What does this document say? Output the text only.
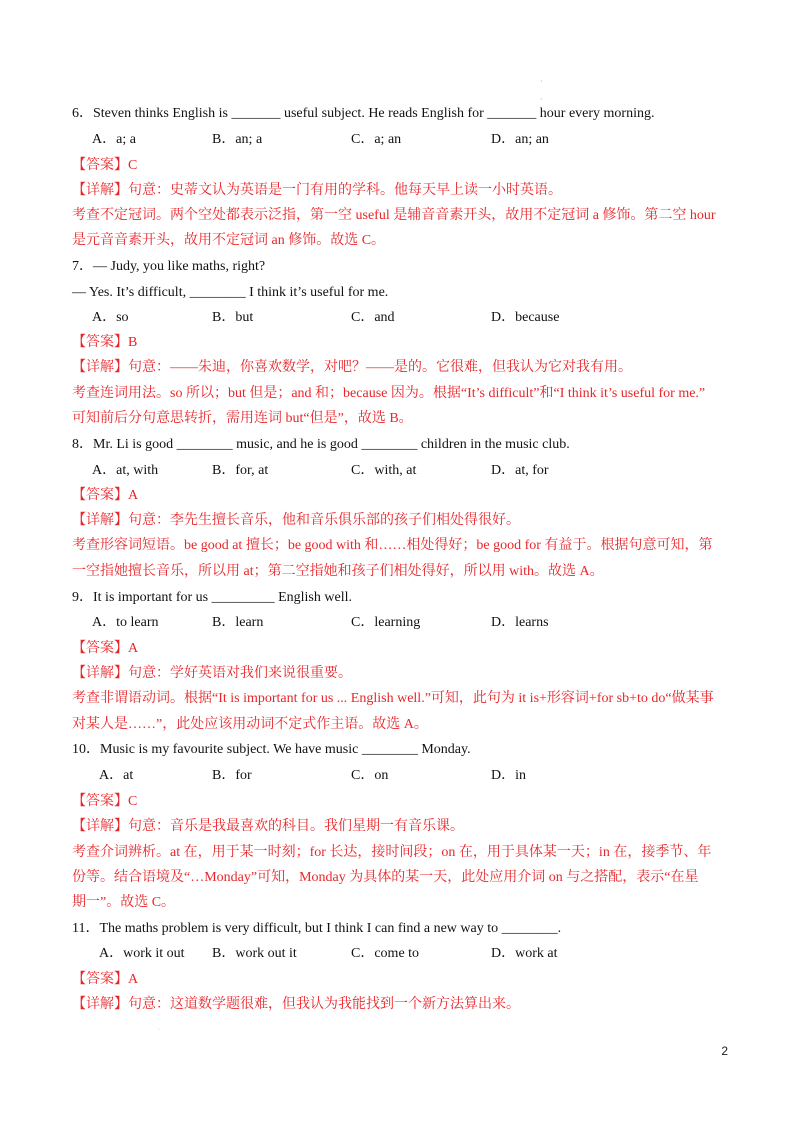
·
·
6．Steven thinks English is _______ useful subject. He reads English for _______ hour every morning.
A．a; a	B．an; a	C．a; an	D．an; an
【答案】C
【详解】句意：史蒂文认为英语是一门有用的学科。他每天早上读一小时英语。
考查不定冠词。两个空处都表示泛指，第一空 useful 是辅音音素开头，故用不定冠词 a 修饰。第二空 hour
是元音音素开头，故用不定冠词 an 修饰。故选 C。
7．— Judy, you like maths, right?
— Yes. It’s difficult, ________ I think it’s useful for me.
A．so	B．but	C．and	D．because
【答案】B
【详解】句意：——朱迪，你喜欢数学，对吧？——是的。它很难，但我认为它对我有用。
考查连词用法。so 所以；but 但是；and 和；because 因为。根据“It’s difficult”和“I think it’s useful for me.”
可知前后分句意思转折，需用连词 but“但是”，故选 B。
8．Mr. Li is good ________ music, and he is good ________ children in the music club.
A．at, with	B．for, at	C．with, at	D．at, for
【答案】A
【详解】句意：李先生擅长音乐，他和音乐俱乐部的孩子们相处得很好。
考查形容词短语。be good at 擅长；be good with 和……相处得好；be good for 有益于。根据句意可知，第
一空指她擅长音乐，所以用 at；第二空指她和孩子们相处得好，所以用 with。故选 A。
9．It is important for us _________ English well.
A．to learn	B．learn	C．learning	D．learns
【答案】A
【详解】句意：学好英语对我们来说很重要。
考查非谓语动词。根据“It is important for us ... English well.”可知，此句为 it is+形容词+for sb+to do“做某事
对某人是……”，此处应该用动词不定式作主语。故选 A。
10．Music is my favourite subject. We have music ________ Monday.
A．at	B．for	C．on	D．in
【答案】C
【详解】句意：音乐是我最喜欢的科目。我们星期一有音乐课。
考查介词辨析。at 在，用于某一时刻；for 长达，接时间段；on 在，用于具体某一天；in 在，接季节、年
份等。结合语境及“…Monday”可知，Monday 为具体的某一天，此处应用介词 on 与之搭配，表示“在星
期一”。故选 C。
11．The maths problem is very difficult, but I think I can find a new way to ________.
A．work it out B．work out it	C．come to	D．work at
【答案】A
【详解】句意：这道数学题很难，但我认为我能找到一个新方法算出来。
·
2
